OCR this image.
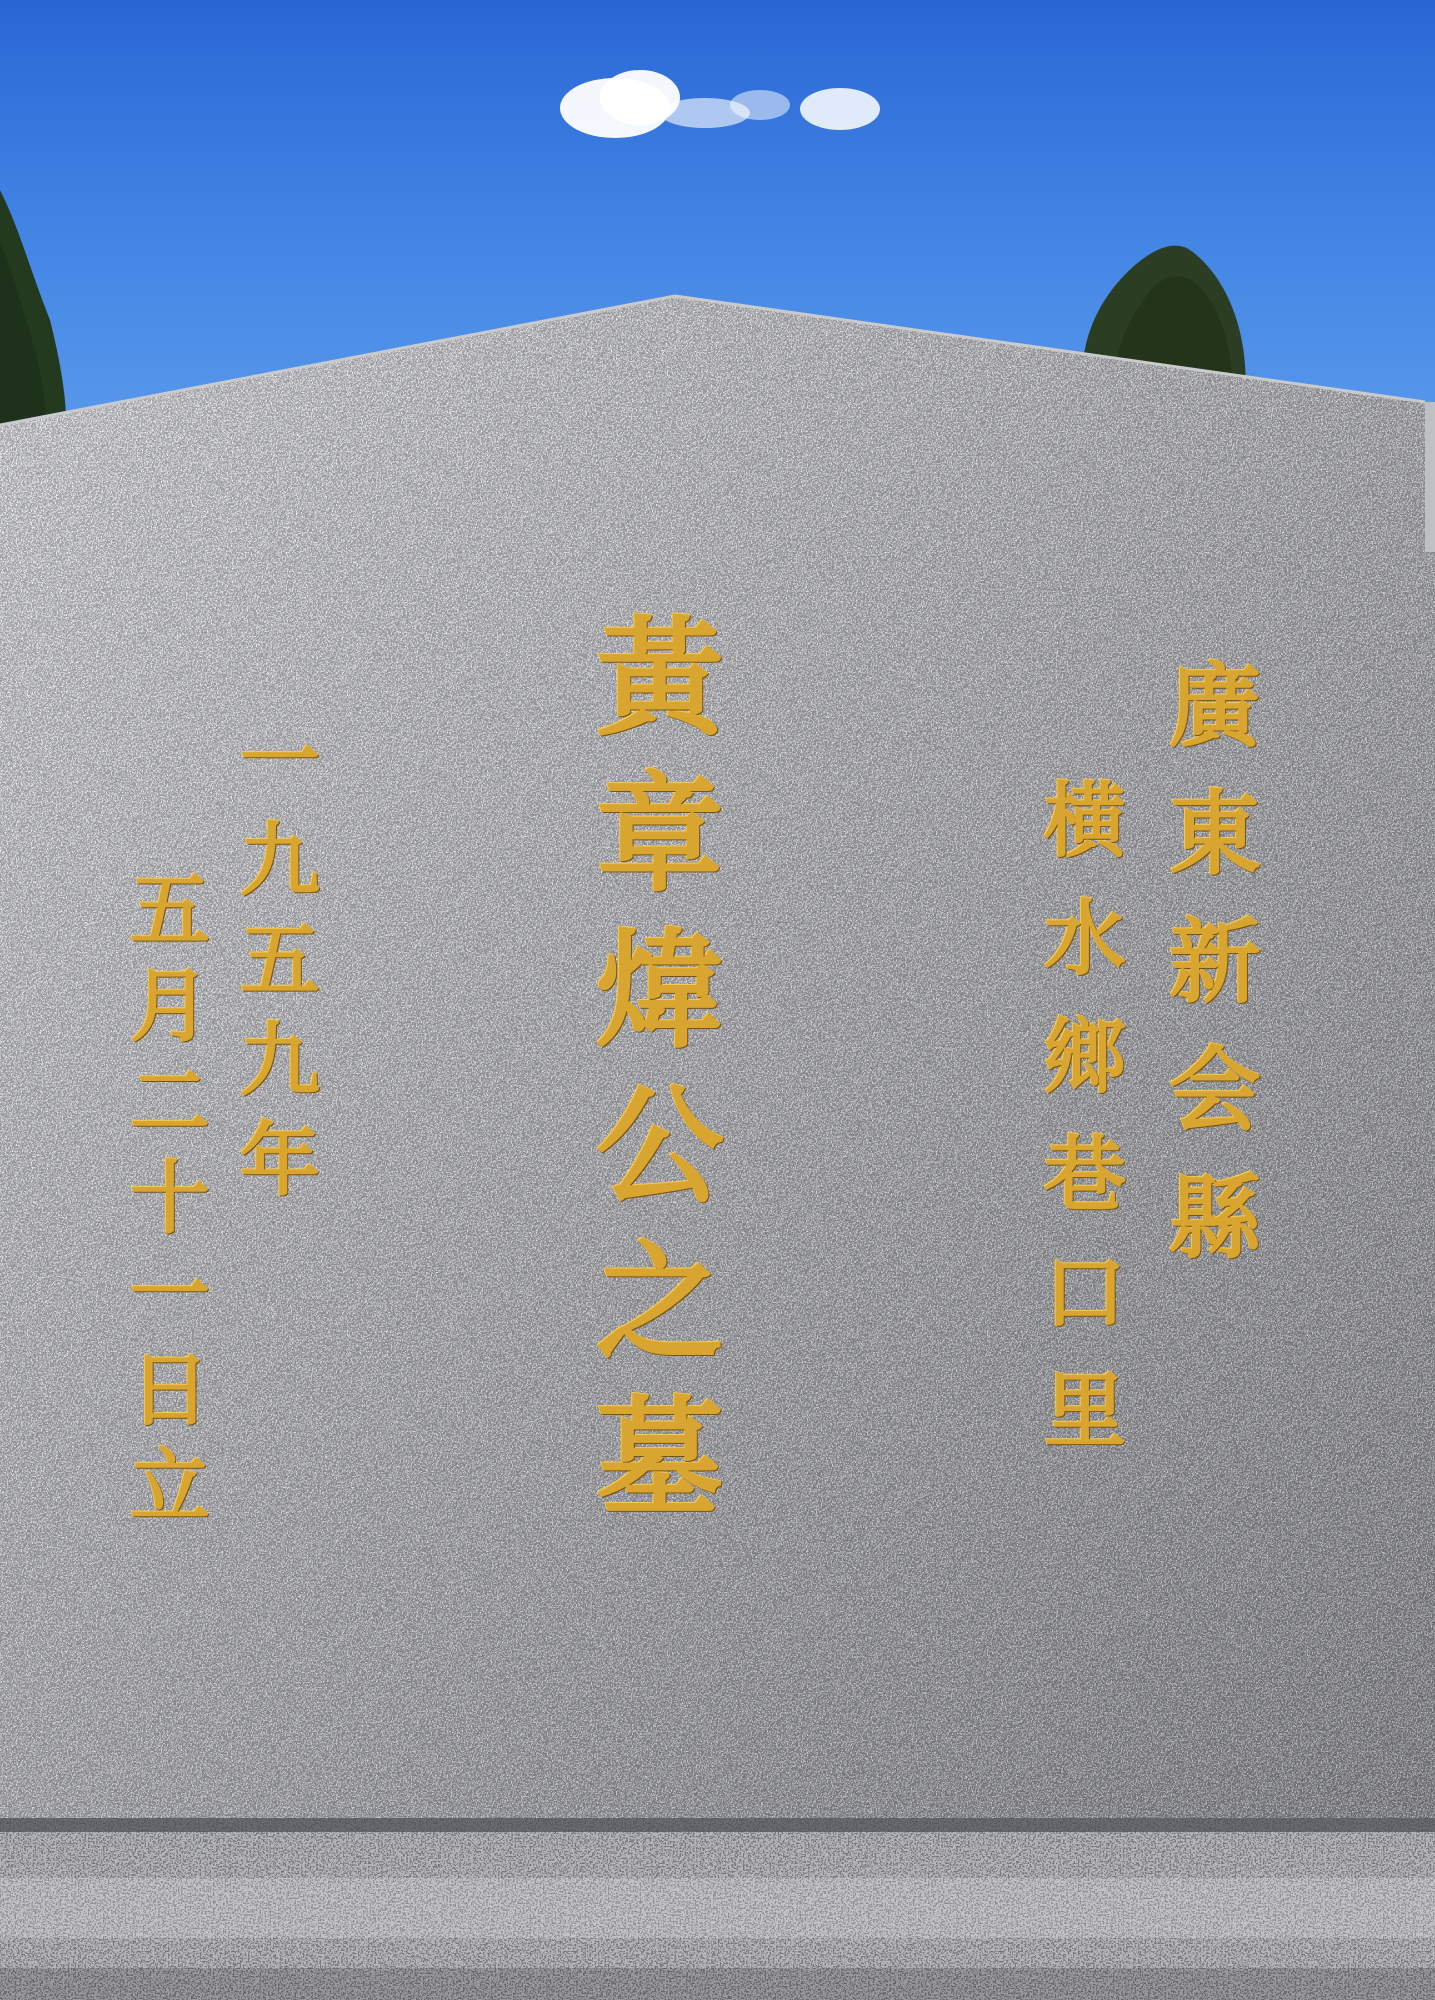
黃
章
煒
公
之
墓
廣
東
新
会
縣
横
水
鄉
巷
口
里
一
九
五
九
年
五
月
二
十
一
日
立
